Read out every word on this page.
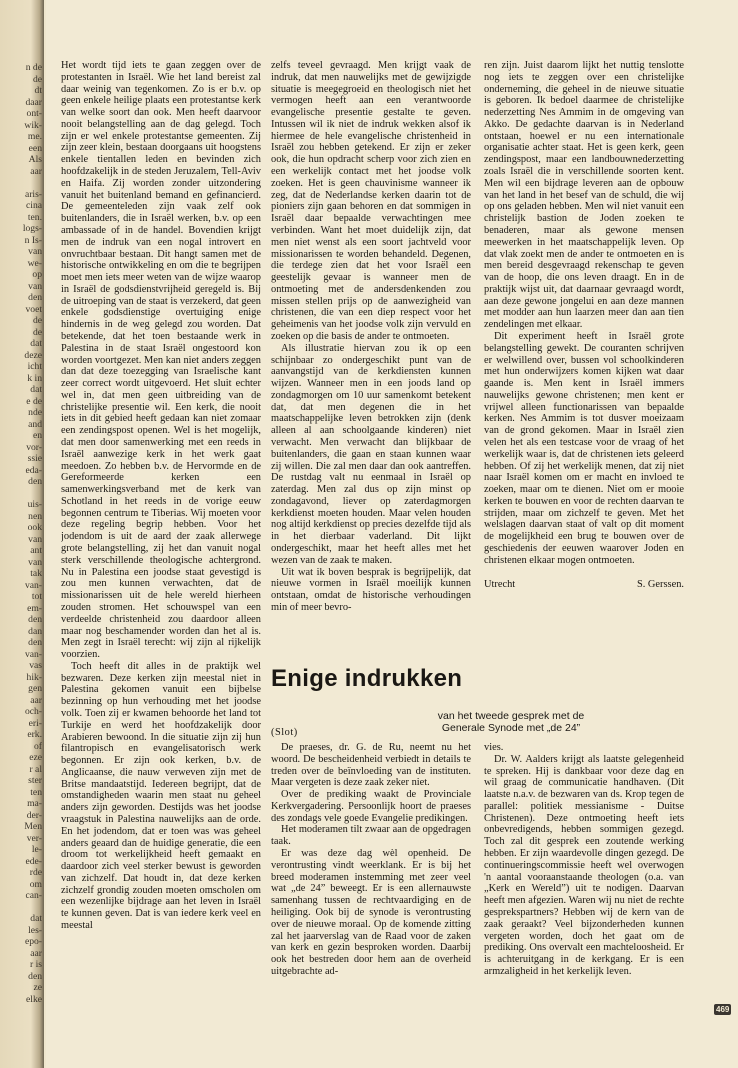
n de
de
dt
daar
ont-
wik-
me.
een
Als
aar
aris-
cina
ten.
logs-
n Is-
van
we-
op
van
den
voet
de
de
dat
deze
icht
k in
dat
e de
nde
and
en
vor-
ssie
eda-
den
uis-
nen
ook
van
ant
van
tak
van-
tot
em-
den
dan
den
van-
vas
hik-
gen
aar
och-
eri-
erk.
of
eze
r al
ster
ten
ma-
der-
Men
ver-
le-
ede-
rde
om
can-
dat
les-
epo-
aar
r is
den
ze
elke

Het wordt tijd iets te gaan zeggen over de protestanten in Israël. Wie het land bereist zal daar weinig van tegenkomen. Zo is er b.v. op geen enkele heilige plaats een protestantse kerk van welke soort dan ook. Men heeft daarvoor nooit belangstelling aan de dag gelegd. Toch zijn er wel enkele protestantse gemeenten. Zij zijn zeer klein, bestaan doorgaans uit hoogstens enkele tientallen leden en bevinden zich hoofdzakelijk in de steden Jeruzalem, Tell-Aviv en Haifa. Zij worden zonder uitzondering vanuit het buitenland bemand en gefinancierd. De gemeenteleden zijn vaak zelf ook buitenlanders, die in Israël werken, b.v. op een ambassade of in de handel. Bovendien krijgt men de indruk van een nogal introvert en onvruchtbaar bestaan. Dit hangt samen met de historische ontwikkeling en om die te begrijpen moet men iets meer weten van de wijze waarop in Israël de godsdienstvrijheid geregeld is. Bij de uitroeping van de staat is verzekerd, dat geen enkele godsdienstige overtuiging enige hindernis in de weg gelegd zou worden. Dat betekende, dat het toen bestaande werk in Palestina in de staat Israël ongestoord kon worden voortgezet. Men kan niet anders zeggen dan dat deze toezegging van Israelische kant zeer correct wordt uitgevoerd. Het sluit echter wel in, dat men geen uitbreiding van de christelijke presentie wil. Een kerk, die nooit iets in dit gebied heeft gedaan kan niet zomaar een zendingspost openen. Wel is het mogelijk, dat men door samenwerking met een reeds in Israël aanwezige kerk in het werk gaat meedoen. Zo hebben b.v. de Hervormde en de Gereformeerde kerken een samenwerkingsverband met de kerk van Schotland in het reeds in de vorige eeuw begonnen centrum te Tiberias. Wij moeten voor deze regeling begrip hebben. Voor het jodendom is uit de aard der zaak allerwege grote belangstelling, zij het dan vanuit nogal sterk verschillende theologische achtergrond. Nu in Palestina een joodse staat gevestigd is zou men kunnen verwachten, dat de missionarissen uit de hele wereld hierheen zouden stromen. Het schouwspel van een verdeelde christenheid zou daardoor alleen maar nog beschamender worden dan het al is. Men zegt in Israël terecht: wij zijn al rijkelijk voorzien.

Toch heeft dit alles in de praktijk wel bezwaren. Deze kerken zijn meestal niet in Palestina gekomen vanuit een bijbelse bezinning op hun verhouding met het joodse volk. Toen zij er kwamen behoorde het land tot Turkije en werd het hoofdzakelijk door Arabieren bewoond. In die situatie zijn zij hun filantropisch en evangelisatorisch werk begonnen. Er zijn ook kerken, b.v. de Anglicaanse, die nauw verweven zijn met de Britse mandaatstijd. Iedereen begrijpt, dat de omstandigheden waarin men staat nu geheel anders zijn geworden. Destijds was het joodse vraagstuk in Palestina nauwelijks aan de orde. En het jodendom, dat er toen was was geheel anders geaard dan de huidige generatie, die een droom tot werkelijkheid heeft gemaakt en daardoor zich veel sterker bewust is geworden van zichzelf. Dat houdt in, dat deze kerken zichzelf grondig zouden moeten omscholen om een wezenlijke bijdrage aan het leven in Israël te kunnen geven. Dat is van iedere kerk veel en meestal

zelfs teveel gevraagd. Men krijgt vaak de indruk, dat men nauwelijks met de gewijzigde situatie is meegegroeid en theologisch niet het vermogen heeft aan een verantwoorde evangelische presentie gestalte te geven. Intussen wil ik niet de indruk wekken alsof ik hiermee de hele evangelische christenheid in Israël zou hebben getekend. Er zijn er zeker ook, die hun opdracht scherp voor zich zien en een werkelijk contact met het joodse volk zoeken. Het is geen chauvinisme wanneer ik zeg, dat de Nederlandse kerken daarin tot de pioniers zijn gaan behoren en dat sommigen in Israël daar bepaalde verwachtingen mee verbinden. Want het moet duidelijk zijn, dat men niet wenst als een soort jachtveld voor missionarissen te worden behandeld. Degenen, die terdege zien dat het voor Israël een geestelijk gevaar is wanneer men de ontmoeting met de andersdenkenden zou missen stellen prijs op de aanwezigheid van christenen, die van een diep respect voor het geheimenis van het joodse volk zijn vervuld en zoeken op die basis de ander te ontmoeten.

Als illustratie hiervan zou ik op een schijnbaar zo ondergeschikt punt van de aanvangstijd van de kerkdiensten kunnen wijzen. Wanneer men in een joods land op zondagmorgen om 10 uur samenkomt betekent dat, dat men degenen die in het maatschappelijke leven betrokken zijn (denk alleen al aan schoolgaande kinderen) niet verwacht. Men verwacht dan blijkbaar de buitenlanders, die gaan en staan kunnen waar zij willen. Die zal men daar dan ook aantreffen. De rustdag valt nu eenmaal in Israël op zaterdag. Men zal dus op zijn minst op zondagavond, liever op zaterdagmorgen kerkdienst moeten houden. Maar velen houden nog altijd kerkdienst op precies dezelfde tijd als in het dierbaar vaderland. Dit lijkt ondergeschikt, maar het heeft alles met het wezen van de zaak te maken.

Uit wat ik boven besprak is begrijpelijk, dat nieuwe vormen in Israël moeilijk kunnen ontstaan, omdat de historische verhoudingen min of meer bevro-

ren zijn. Juist daarom lijkt het nuttig tenslotte nog iets te zeggen over een christelijke onderneming, die geheel in de nieuwe situatie is geboren. Ik bedoel daarmee de christelijke nederzetting Nes Ammim in de omgeving van Akko. De gedachte daarvan is in Nederland ontstaan, hoewel er nu een internationale organisatie achter staat. Het is geen kerk, geen zendingspost, maar een landbouwnederzetting zoals Israël die in verschillende soorten kent. Men wil een bijdrage leveren aan de opbouw van het land in het besef van de schuld, die wij op ons geladen hebben. Men wil niet vanuit een christelijk bastion de Joden zoeken te benaderen, maar als gewone mensen meewerken in het maatschappelijk leven. Op dat vlak zoekt men de ander te ontmoeten en is men bereid desgevraagd rekenschap te geven van de hoop, die ons leven draagt. En in de praktijk wijst uit, dat daarnaar gevraagd wordt, aan deze gewone jongelui en aan deze mannen met modder aan hun laarzen meer dan aan tien zendelingen met elkaar.

Dit experiment heeft in Israël grote belangstelling gewekt. De couranten schrijven er welwillend over, bussen vol schoolkinderen met hun onderwijzers komen kijken wat daar gaande is. Men kent in Israël immers nauwelijks gewone christenen; men kent er vrijwel alleen functionarissen van bepaalde kerken. Nes Ammim is tot dusver moeizaam van de grond gekomen. Maar in Israël zien velen het als een testcase voor de vraag of het werkelijk waar is, dat de christenen iets geleerd hebben. Of zij het werkelijk menen, dat zij niet naar Israël komen om er macht en invloed te zoeken, maar om te dienen. Niet om er mooie kerken te bouwen en voor de rechten daarvan te strijden, maar om zichzelf te geven. Met het welslagen daarvan staat of valt op dit moment de mogelijkheid een brug te bouwen over de geschiedenis der eeuwen waarover Joden en christenen elkaar mogen ontmoeten.

Utrecht	S. Gerssen.
Enige indrukken
van het tweede gesprek met de
Generale Synode met „de 24”
(Slot)

De praeses, dr. G. de Ru, neemt nu het woord. De bescheidenheid verbiedt in details te treden over de beïnvloeding van de instituten. Maar vergeten is deze zaak zeker niet.

Over de prediking waakt de Provinciale Kerkvergadering. Persoonlijk hoort de praeses des zondags vele goede Evangelie predikingen.

Het moderamen tilt zwaar aan de opgedragen taak.

Er was deze dag wèl openheid. De verontrusting vindt weerklank. Er is bij het breed moderamen instemming met zeer veel wat „de 24” beweegt. Er is een allernauwste samenhang tussen de rechtvaardiging en de heiliging. Ook bij de synode is verontrusting over de nieuwe moraal. Op de komende zitting zal het jaarverslag van de Raad voor de zaken van kerk en gezin besproken worden. Daarbij ook het bestreden door hem aan de overheid uitgebrachte ad-

vies.

Dr. W. Aalders krijgt als laatste gelegenheid te spreken. Hij is dankbaar voor deze dag en wil graag de communicatie handhaven. (Dit laatste n.a.v. de bezwaren van ds. Krop tegen de parallel: politiek messianisme - Duitse Christenen). Deze ontmoeting heeft iets onbevredigends, hebben sommigen gezegd. Toch zal dit gesprek een zoutende werking hebben. Er zijn waardevolle dingen gezegd. De continueringscommissie heeft wel overwogen 'n aantal vooraanstaande theologen (o.a. van „Kerk en Wereld”) uit te nodigen. Daarvan heeft men afgezien. Waren wij nu niet de rechte gesprekspartners? Hebben wij de kern van de zaak geraakt? Veel bijzonderheden kunnen vergeten worden, doch het gaat om de prediking. Ons overvalt een machteloosheid. Er is achteruitgang in de kerkgang. Er is een armzaligheid in het kerkelijk leven.

469
